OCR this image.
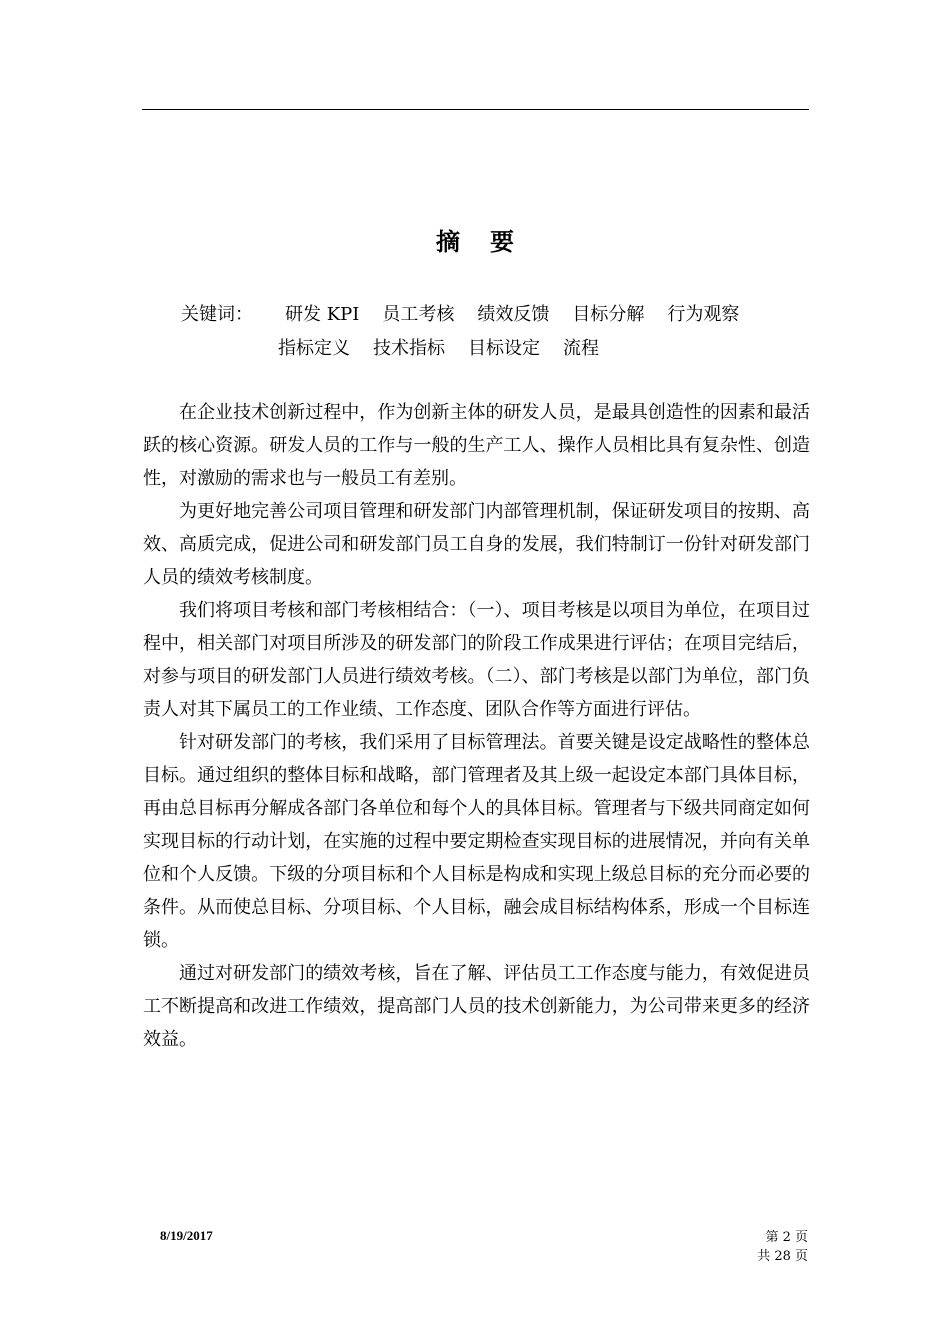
摘要
关键词：	研发 KPI 员工考核 绩效反馈 目标分解 行为观察
指标定义 技术指标 目标设定 流程

在企业技术创新过程中，作为创新主体的研发人员，是最具创造性的因素和最活跃的核心资源。研发人员的工作与一般的生产工人、操作人员相比具有复杂性、创造性，对激励的需求也与一般员工有差别。

为更好地完善公司项目管理和研发部门内部管理机制，保证研发项目的按期、高效、高质完成，促进公司和研发部门员工自身的发展，我们特制订一份针对研发部门人员的绩效考核制度。

我们将项目考核和部门考核相结合：（一）、项目考核是以项目为单位，在项目过程中，相关部门对项目所涉及的研发部门的阶段工作成果进行评估；在项目完结后，对参与项目的研发部门人员进行绩效考核。（二）、部门考核是以部门为单位，部门负责人对其下属员工的工作业绩、工作态度、团队合作等方面进行评估。

针对研发部门的考核，我们采用了目标管理法。首要关键是设定战略性的整体总目标。通过组织的整体目标和战略，部门管理者及其上级一起设定本部门具体目标，再由总目标再分解成各部门各单位和每个人的具体目标。管理者与下级共同商定如何实现目标的行动计划，在实施的过程中要定期检查实现目标的进展情况，并向有关单位和个人反馈。下级的分项目标和个人目标是构成和实现上级总目标的充分而必要的条件。从而使总目标、分项目标、个人目标，融会成目标结构体系，形成一个目标连锁。

通过对研发部门的绩效考核，旨在了解、评估员工工作态度与能力，有效促进员工不断提高和改进工作绩效，提高部门人员的技术创新能力，为公司带来更多的经济效益。

8/19/2017	第 2 页
共 28 页
